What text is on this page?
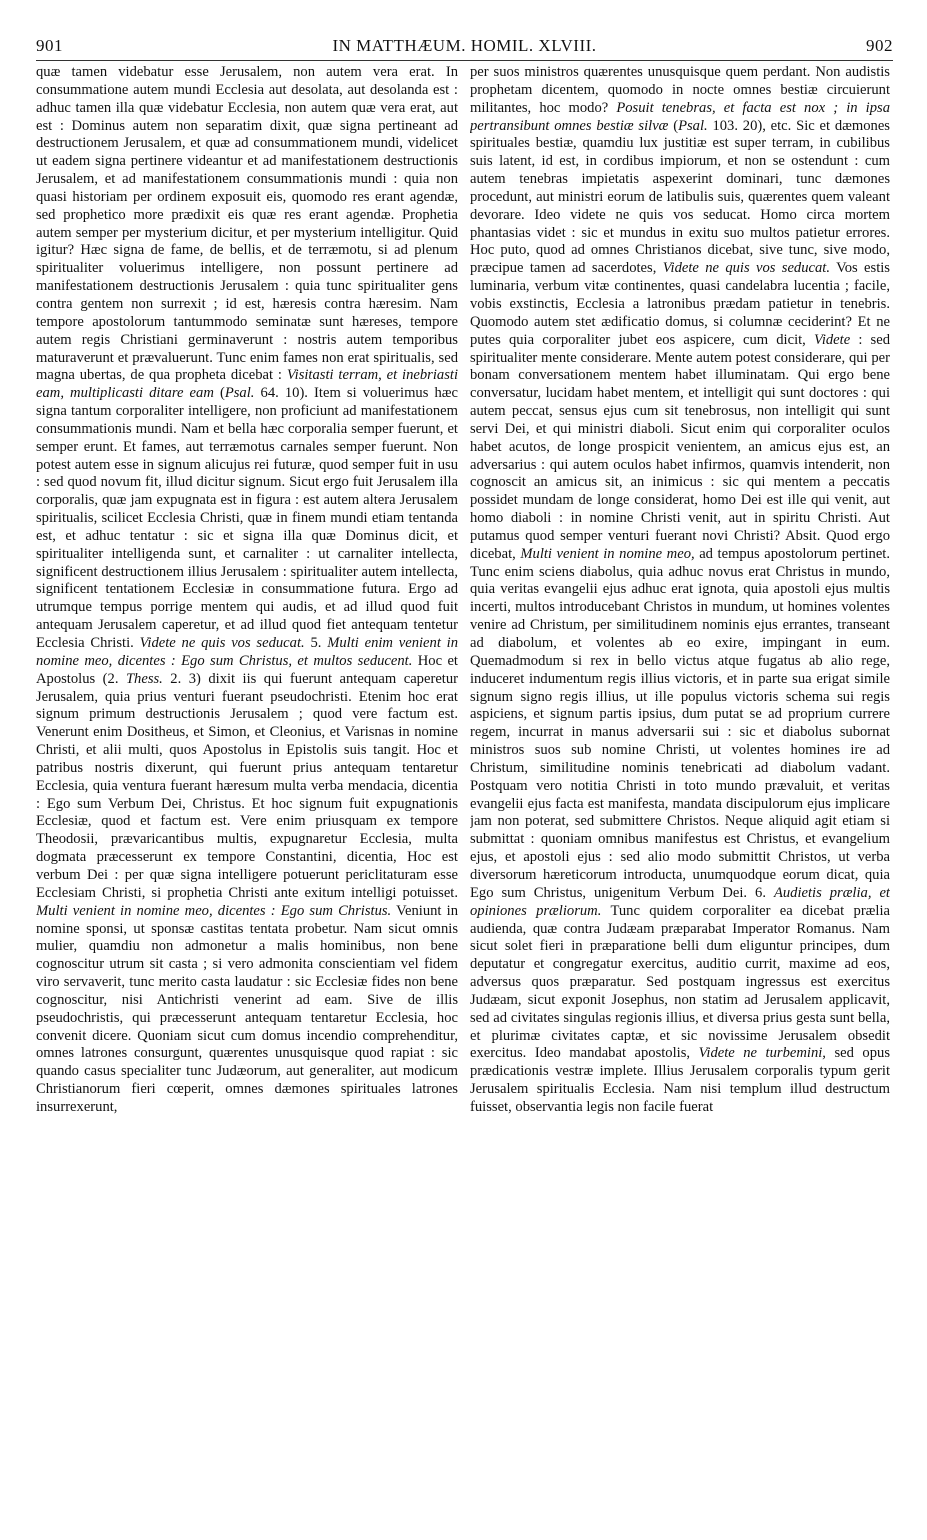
901	IN MATTHÆUM. HOMIL. XLVIII.	902

quæ tamen videbatur esse Jerusalem, non autem vera erat. In consummatione autem mundi Ecclesia aut desolata, aut desolanda est : adhuc tamen illa quæ videbatur Ecclesia, non autem quæ vera erat, aut est : Dominus autem non separatim dixit, quæ signa pertineant ad destructionem Jerusalem, et quæ ad consummationem mundi, videlicet ut eadem signa pertinere videantur et ad manifestationem destructionis Jerusalem, et ad manifestationem consummationis mundi : quia non quasi historiam per ordinem exposuit eis, quomodo res erant agendæ, sed prophetico more prædixit eis quæ res erant agendæ. Prophetia autem semper per mysterium dicitur, et per mysterium intelligitur. Quid igitur? Hæc signa de fame, de bellis, et de terræmotu, si ad plenum spiritualiter voluerimus intelligere, non possunt pertinere ad manifestationem destructionis Jerusalem : quia tunc spiritualiter gens contra gentem non surrexit ; id est, hæresis contra hæresim. Nam tempore apostolorum tantummodo seminatæ sunt hæreses, tempore autem regis Christiani germinaverunt : nostris autem temporibus maturaverunt et prævaluerunt. Tunc enim fames non erat spiritualis, sed magna ubertas, de qua propheta dicebat : Visitasti terram, et inebriasti eam, multiplicasti ditare eam (Psal. 64. 10). Item si voluerimus hæc signa tantum corporaliter intelligere, non proficiunt ad manifestationem consummationis mundi. Nam et bella hæc corporalia semper fuerunt, et semper erunt. Et fames, aut terræmotus carnales semper fuerunt. Non potest autem esse in signum alicujus rei futuræ, quod semper fuit in usu : sed quod novum fit, illud dicitur signum. Sicut ergo fuit Jerusalem illa corporalis, quæ jam expugnata est in figura : est autem altera Jerusalem spiritualis, scilicet Ecclesia Christi, quæ in finem mundi etiam tentanda est, et adhuc tentatur : sic et signa illa quæ Dominus dicit, et spiritualiter intelligenda sunt, et carnaliter : ut carnaliter intellecta, significent destructionem illius Jerusalem : spiritualiter autem intellecta, significent tentationem Ecclesiæ in consummatione futura. Ergo ad utrumque tempus porrige mentem qui audis, et ad illud quod fuit antequam Jerusalem caperetur, et ad illud quod fiet antequam tentetur Ecclesia Christi. Videte ne quis vos seducat. 5. Multi enim venient in nomine meo, dicentes : Ego sum Christus, et multos seducent. Hoc et Apostolus (2. Thess. 2. 3) dixit iis qui fuerunt antequam caperetur Jerusalem, quia prius venturi fuerant pseudochristi. Etenim hoc erat signum primum destructionis Jerusalem ; quod vere factum est. Venerunt enim Dositheus, et Simon, et Cleonius, et Varisnas in nomine Christi, et alii multi, quos Apostolus in Epistolis suis tangit. Hoc et patribus nostris dixerunt, qui fuerunt prius antequam tentaretur Ecclesia, quia ventura fuerant hæresum multa verba mendacia, dicentia : Ego sum Verbum Dei, Christus. Et hoc signum fuit expugnationis Ecclesiæ, quod et factum est. Vere enim priusquam ex tempore Theodosii, prævaricantibus multis, expugnaretur Ecclesia, multa dogmata præcesserunt ex tempore Constantini, dicentia, Hoc est verbum Dei : per quæ signa intelligere potuerunt periclitaturam esse Ecclesiam Christi, si prophetia Christi ante exitum intelligi potuisset. Multi venient in nomine meo, dicentes : Ego sum Christus. Veniunt in nomine sponsi, ut sponsæ castitas tentata probetur. Nam sicut omnis mulier, quamdiu non admonetur a malis hominibus, non bene cognoscitur utrum sit casta ; si vero admonita conscientiam vel fidem viro servaverit, tunc merito casta laudatur : sic Ecclesiæ fides non bene cognoscitur, nisi Antichristi venerint ad eam. Sive de illis pseudochristis, qui præcesserunt antequam tentaretur Ecclesia, hoc convenit dicere. Quoniam sicut cum domus incendio comprehenditur, omnes latrones consurgunt, quærentes unusquisque quod rapiat : sic quando casus specialiter tunc Judæorum, aut generaliter, aut modicum Christianorum fieri cœperit, omnes dæmones spirituales latrones insurrexerunt,

per suos ministros quærentes unusquisque quem perdant. Non audistis prophetam dicentem, quomodo in nocte omnes bestiæ circuierunt militantes, hoc modo? Posuit tenebras, et facta est nox ; in ipsa pertransibunt omnes bestiæ silvæ (Psal. 103. 20), etc. Sic et dæmones spirituales bestiæ, quamdiu lux justitiæ est super terram, in cubilibus suis latent, id est, in cordibus impiorum, et non se ostendunt : cum autem tenebras impietatis aspexerint dominari, tunc dæmones procedunt, aut ministri eorum de latibulis suis, quærentes quem valeant devorare. Ideo videte ne quis vos seducat. Homo circa mortem phantasias videt : sic et mundus in exitu suo multos patietur errores. Hoc puto, quod ad omnes Christianos dicebat, sive tunc, sive modo, præcipue tamen ad sacerdotes, Videte ne quis vos seducat. Vos estis luminaria, verbum vitæ continentes, quasi candelabra lucentia ; facile, vobis exstinctis, Ecclesia a latronibus prædam patietur in tenebris. Quomodo autem stet ædificatio domus, si columnæ ceciderint? Et ne putes quia corporaliter jubet eos aspicere, cum dicit, Videte : sed spiritualiter mente considerare. Mente autem potest considerare, qui per bonam conversationem mentem habet illuminatam. Qui ergo bene conversatur, lucidam habet mentem, et intelligit qui sunt doctores : qui autem peccat, sensus ejus cum sit tenebrosus, non intelligit qui sunt servi Dei, et qui ministri diaboli. Sicut enim qui corporaliter oculos habet acutos, de longe prospicit venientem, an amicus ejus est, an adversarius : qui autem oculos habet infirmos, quamvis intenderit, non cognoscit an amicus sit, an inimicus : sic qui mentem a peccatis possidet mundam de longe considerat, homo Dei est ille qui venit, aut homo diaboli : in nomine Christi venit, aut in spiritu Christi. Aut putamus quod semper venturi fuerant novi Christi? Absit. Quod ergo dicebat, Multi venient in nomine meo, ad tempus apostolorum pertinet. Tunc enim sciens diabolus, quia adhuc novus erat Christus in mundo, quia veritas evangelii ejus adhuc erat ignota, quia apostoli ejus multis incerti, multos introducebant Christos in mundum, ut homines volentes venire ad Christum, per similitudinem nominis ejus errantes, transeant ad diabolum, et volentes ab eo exire, impingant in eum. Quemadmodum si rex in bello victus atque fugatus ab alio rege, induceret indumentum regis illius victoris, et in parte sua erigat simile signum signo regis illius, ut ille populus victoris schema sui regis aspiciens, et signum partis ipsius, dum putat se ad proprium currere regem, incurrat in manus adversarii sui : sic et diabolus subornat ministros suos sub nomine Christi, ut volentes homines ire ad Christum, similitudine nominis tenebricati ad diabolum vadant. Postquam vero notitia Christi in toto mundo prævaluit, et veritas evangelii ejus facta est manifesta, mandata discipulorum ejus implicare jam non poterat, sed submittere Christos. Neque aliquid agit etiam si submittat : quoniam omnibus manifestus est Christus, et evangelium ejus, et apostoli ejus : sed alio modo submittit Christos, ut verba diversorum hæreticorum introducta, unumquodque eorum dicat, quia Ego sum Christus, unigenitum Verbum Dei. 6. Audietis prælia, et opiniones præliorum. Tunc quidem corporaliter ea dicebat prælia audienda, quæ contra Judæam præparabat Imperator Romanus. Nam sicut solet fieri in præparatione belli dum eliguntur principes, dum deputatur et congregatur exercitus, auditio currit, maxime ad eos, adversus quos præparatur. Sed postquam ingressus est exercitus Judæam, sicut exponit Josephus, non statim ad Jerusalem applicavit, sed ad civitates singulas regionis illius, et diversa prius gesta sunt bella, et plurimæ civitates captæ, et sic novissime Jerusalem obsedit exercitus. Ideo mandabat apostolis, Videte ne turbemini, sed opus prædicationis vestræ implete. Illius Jerusalem corporalis typum gerit Jerusalem spiritualis Ecclesia. Nam nisi templum illud destructum fuisset, observantia legis non facile fuerat
